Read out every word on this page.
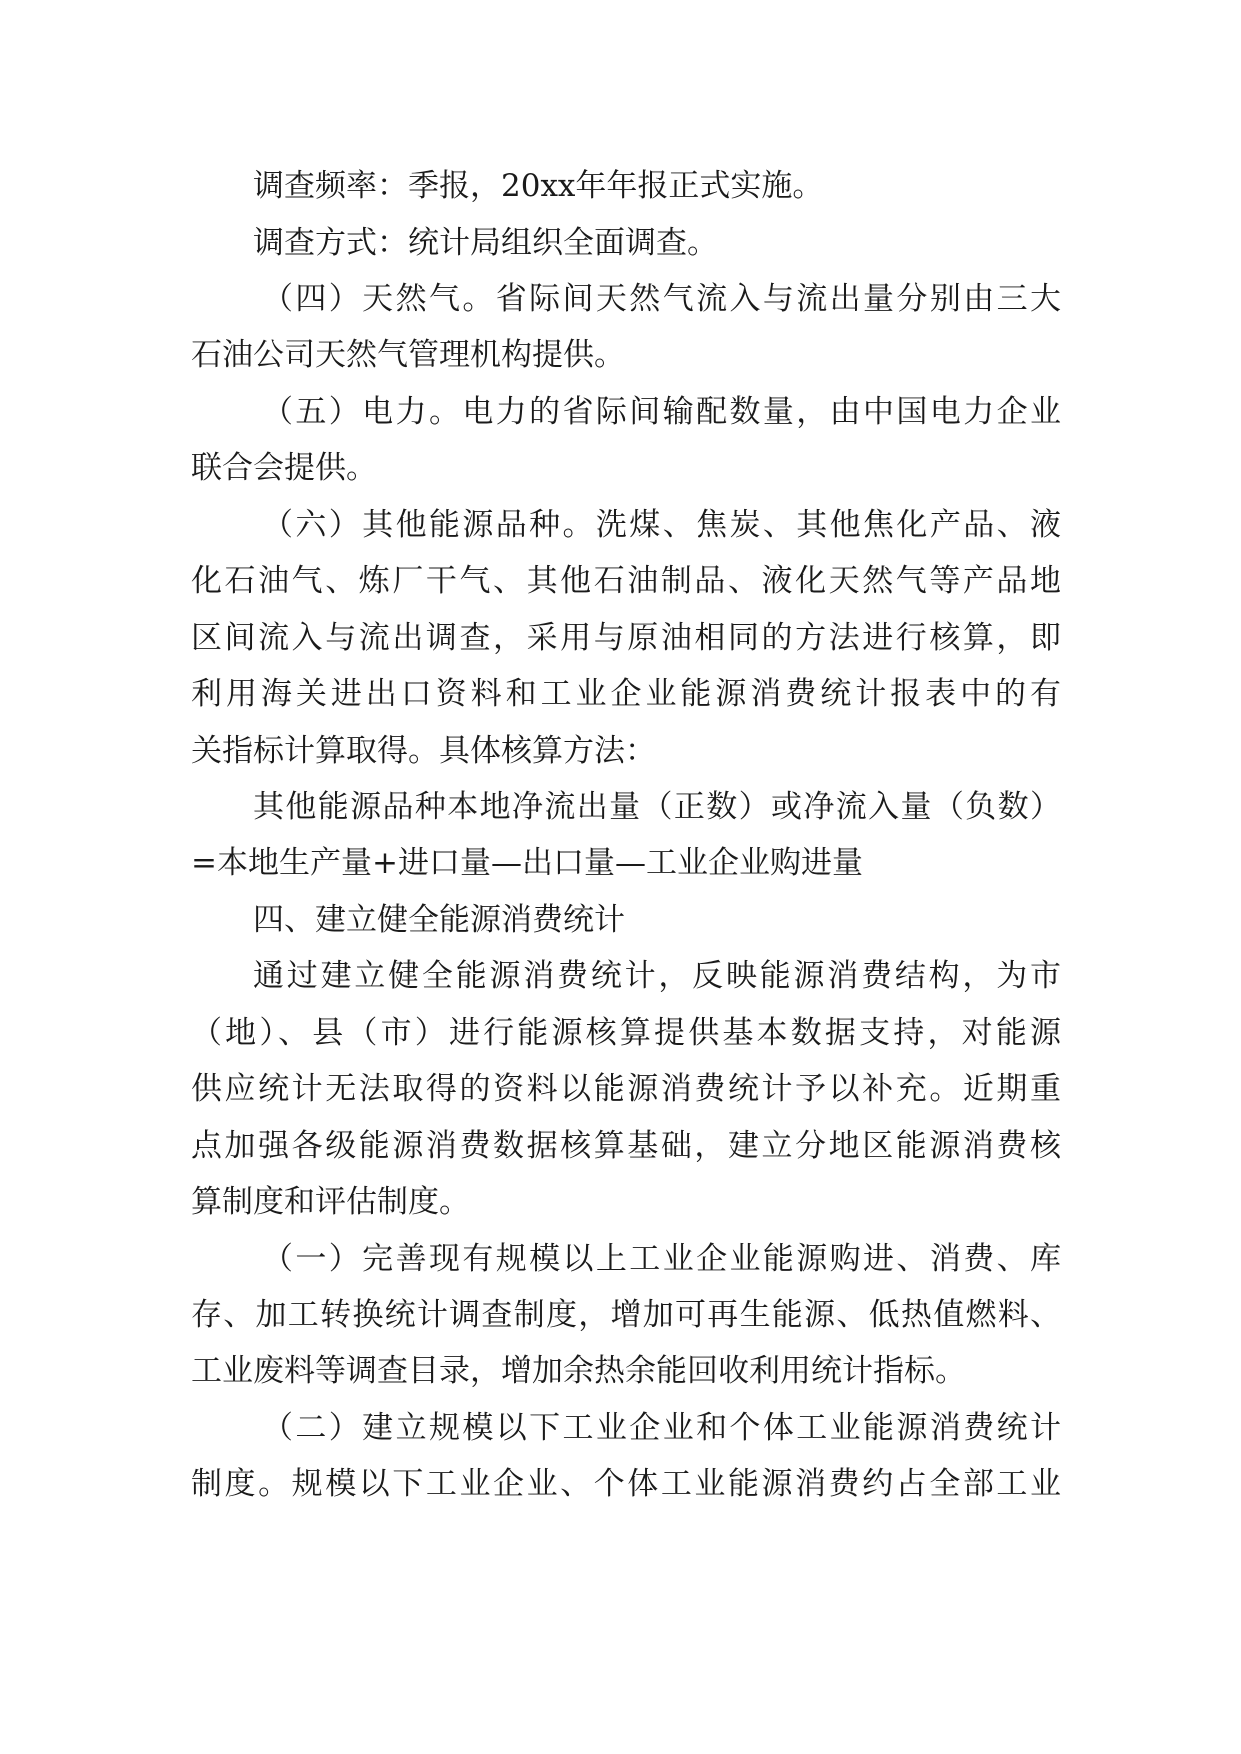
调查频率：季报，20xx年年报正式实施。
调查方式：统计局组织全面调查。
（四）天然气。省际间天然气流入与流出量分别由三大
石油公司天然气管理机构提供。
（五）电力。电力的省际间输配数量，由中国电力企业
联合会提供。
（六）其他能源品种。洗煤、焦炭、其他焦化产品、液
化石油气、炼厂干气、其他石油制品、液化天然气等产品地
区间流入与流出调查，采用与原油相同的方法进行核算，即
利用海关进出口资料和工业企业能源消费统计报表中的有
关指标计算取得。具体核算方法：
其他能源品种本地净流出量（正数）或净流入量（负数）
=本地生产量+进口量—出口量—工业企业购进量
四、建立健全能源消费统计
通过建立健全能源消费统计，反映能源消费结构，为市
（地）、县（市）进行能源核算提供基本数据支持，对能源
供应统计无法取得的资料以能源消费统计予以补充。近期重
点加强各级能源消费数据核算基础，建立分地区能源消费核
算制度和评估制度。
（一）完善现有规模以上工业企业能源购进、消费、库
存、加工转换统计调查制度，增加可再生能源、低热值燃料、
工业废料等调查目录，增加余热余能回收利用统计指标。
（二）建立规模以下工业企业和个体工业能源消费统计
制度。规模以下工业企业、个体工业能源消费约占全部工业
